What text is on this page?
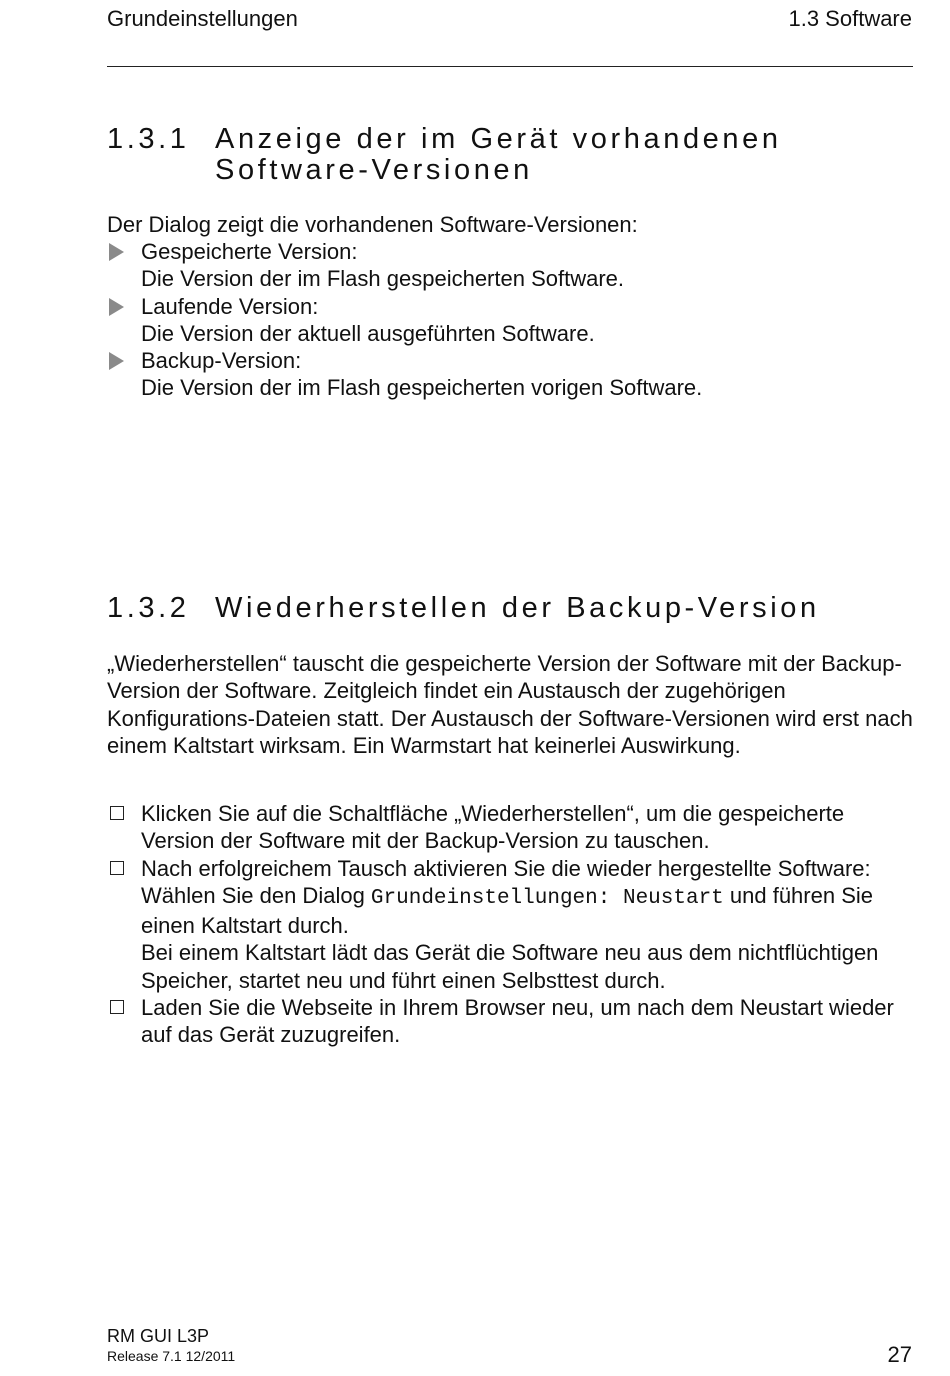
Grundeinstellungen	1.3 Software
1.3.1 Anzeige der im Gerät vorhandenen
Software-Versionen
Der Dialog zeigt die vorhandenen Software-Versionen:
Gespeicherte Version:
Die Version der im Flash gespeicherten Software.
Laufende Version:
Die Version der aktuell ausgeführten Software.
Backup-Version:
Die Version der im Flash gespeicherten vorigen Software.
1.3.2 Wiederherstellen der Backup-Version

„Wiederherstellen“ tauscht die gespeicherte Version der Software mit der Backup-Version der Software. Zeitgleich findet ein Austausch der zugehörigen Konfigurations-Dateien statt. Der Austausch der Software-Versionen wird erst nach einem Kaltstart wirksam. Ein Warmstart hat keinerlei Auswirkung.

Klicken Sie auf die Schaltfläche „Wiederherstellen“, um die gespeicherte Version der Software mit der Backup-Version zu tauschen.
Nach erfolgreichem Tausch aktivieren Sie die wieder hergestellte Software:
Wählen Sie den Dialog Grundeinstellungen: Neustart und führen Sie einen Kaltstart durch.
Bei einem Kaltstart lädt das Gerät die Software neu aus dem nichtflüchtigen Speicher, startet neu und führt einen Selbsttest durch.
Laden Sie die Webseite in Ihrem Browser neu, um nach dem Neustart wieder auf das Gerät zuzugreifen.
RM GUI L3P
Release 7.1 12/2011	27
